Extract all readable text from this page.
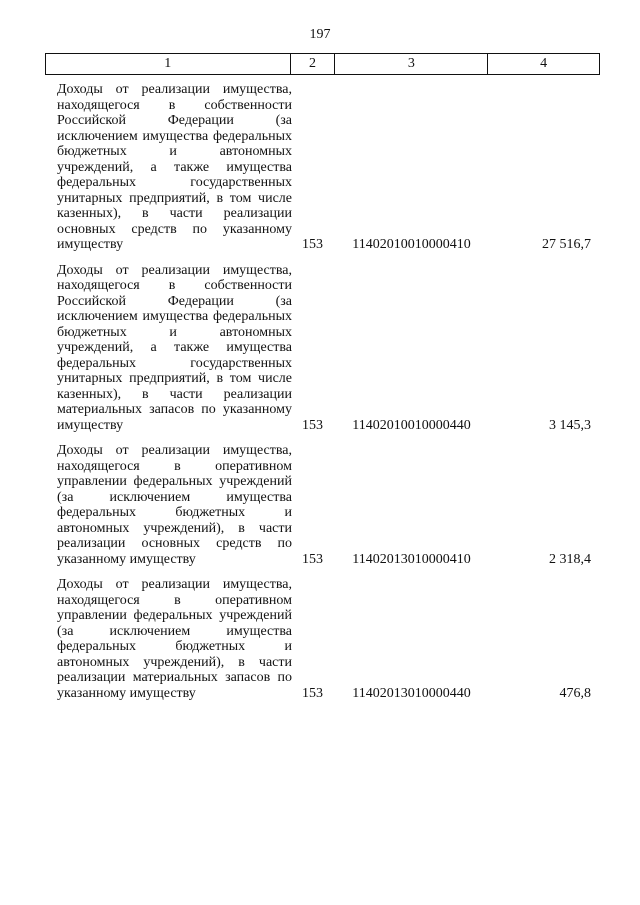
197
1	2	3	4
Доходы от реализации имущества, находящегося в собственности Российской Федерации (за исключением имущества федеральных бюджетных и автономных учреждений, а также имущества федеральных государственных унитарных предприятий, в том числе казенных), в части реализации основных средств по указанному имуществу	153	11402010010000410	27 516,7
Доходы от реализации имущества, находящегося в собственности Российской Федерации (за исключением имущества федеральных бюджетных и автономных учреждений, а также имущества федеральных государственных унитарных предприятий, в том числе казенных), в части реализации материальных запасов по указанному имуществу	153	11402010010000440	3 145,3
Доходы от реализации имущества, находящегося в оперативном управлении федеральных учреждений (за исключением имущества федеральных бюджетных и автономных учреждений), в части реализации основных средств по указанному имуществу	153	11402013010000410	2 318,4
Доходы от реализации имущества, находящегося в оперативном управлении федеральных учреждений (за исключением имущества федеральных бюджетных и автономных учреждений), в части реализации материальных запасов по указанному имуществу	153	11402013010000440	476,8
